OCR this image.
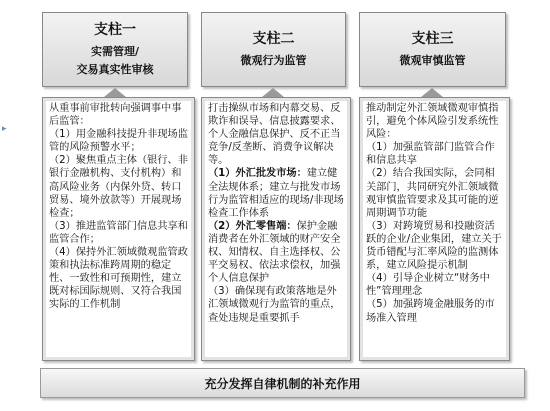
支柱一
实需管理/
交易真实性审核
支柱二
微观行为监管
支柱三
微观审慎监管

从重事前审批转向强调事中事后监管：

（1）用金融科技提升非现场监管的风险预警水平；

（2）聚焦重点主体（银行、非银行金融机构、支付机构）和高风险业务（内保外贷、转口贸易、境外放款等）开展现场检查；

（3）推进监管部门信息共享和监管合作；

（4）保持外汇领域微观监管政策和执法标准跨周期的稳定性、一致性和可预期性，建立既对标国际规则、又符合我国实际的工作机制

打击操纵市场和内幕交易、反欺诈和误导、信息披露要求、个人金融信息保护、反不正当竞争/反垄断、消费争议解决等。

（1）外汇批发市场：建立健全法规体系；建立与批发市场行为监管相适应的现场/非现场检查工作体系

（2）外汇零售端：保护金融消费者在外汇领域的财产安全权、知情权、自主选择权、公平交易权、依法求偿权，加强个人信息保护

（3）确保现有政策落地是外汇领域微观行为监管的重点，查处违规是重要抓手

推动制定外汇领域微观审慎指引，避免个体风险引发系统性风险：

（1）加强监管部门监管合作和信息共享

（2）结合我国实际，会同相关部门，共同研究外汇领域微观审慎监管要求及其可能的逆周期调节功能

（3）对跨境贸易和投融资活跃的企业/企业集团，建立关于货币错配与汇率风险的监测体系，建立风险提示机制

（4）引导企业树立“财务中性”管理理念

（5）加强跨境金融服务的市场准入管理

充分发挥自律机制的补充作用
▸
